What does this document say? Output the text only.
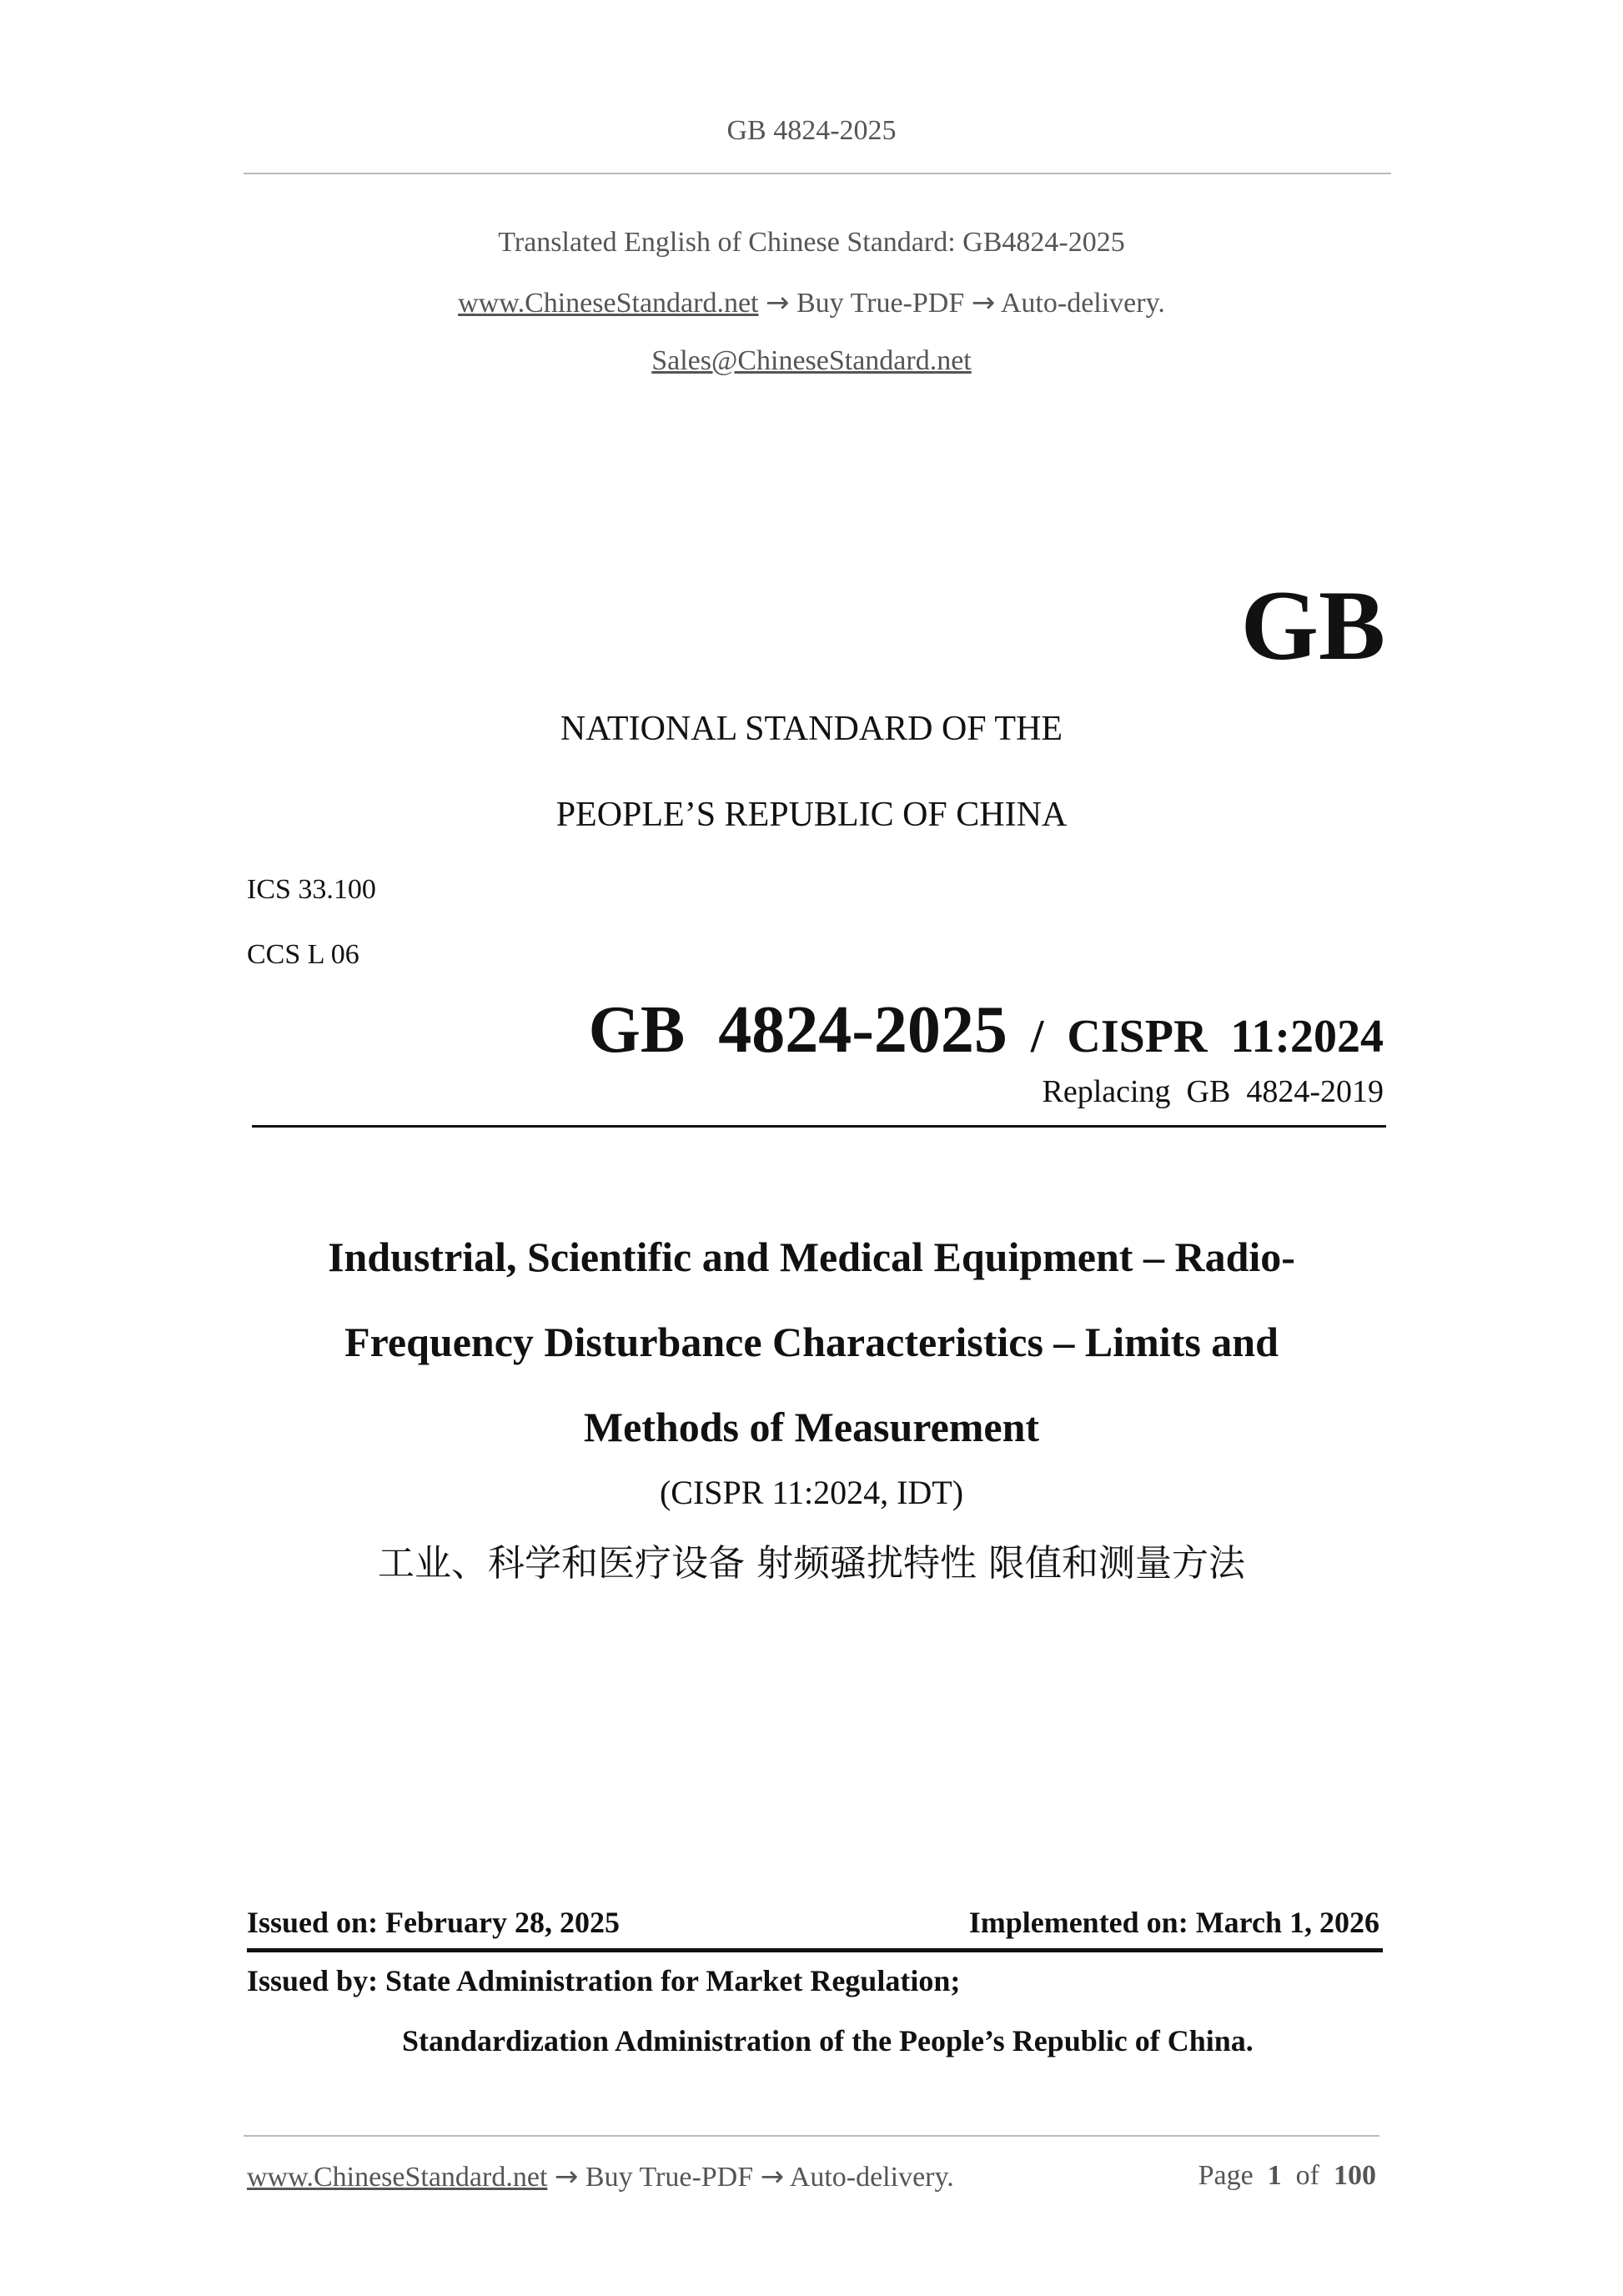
GB 4824-2025
Translated English of Chinese Standard: GB4824-2025
www.ChineseStandard.net → Buy True-PDF → Auto-delivery.
Sales@ChineseStandard.net
GB
NATIONAL STANDARD OF THE
PEOPLE’S REPUBLIC OF CHINA
ICS 33.100
CCS L 06
GB  4824-2025 / CISPR  11:2024
Replacing  GB  4824-2019
Industrial, Scientific and Medical Equipment – Radio-
Frequency Disturbance Characteristics – Limits and
Methods of Measurement
(CISPR 11:2024, IDT)
工业、科学和医疗设备 射频骚扰特性 限值和测量方法
Issued on: February 28, 2025	Implemented on: March 1, 2026
Issued by: State Administration for Market Regulation;
Standardization Administration of the People’s Republic of China.
www.ChineseStandard.net → Buy True-PDF → Auto-delivery.	Page 1 of 100
